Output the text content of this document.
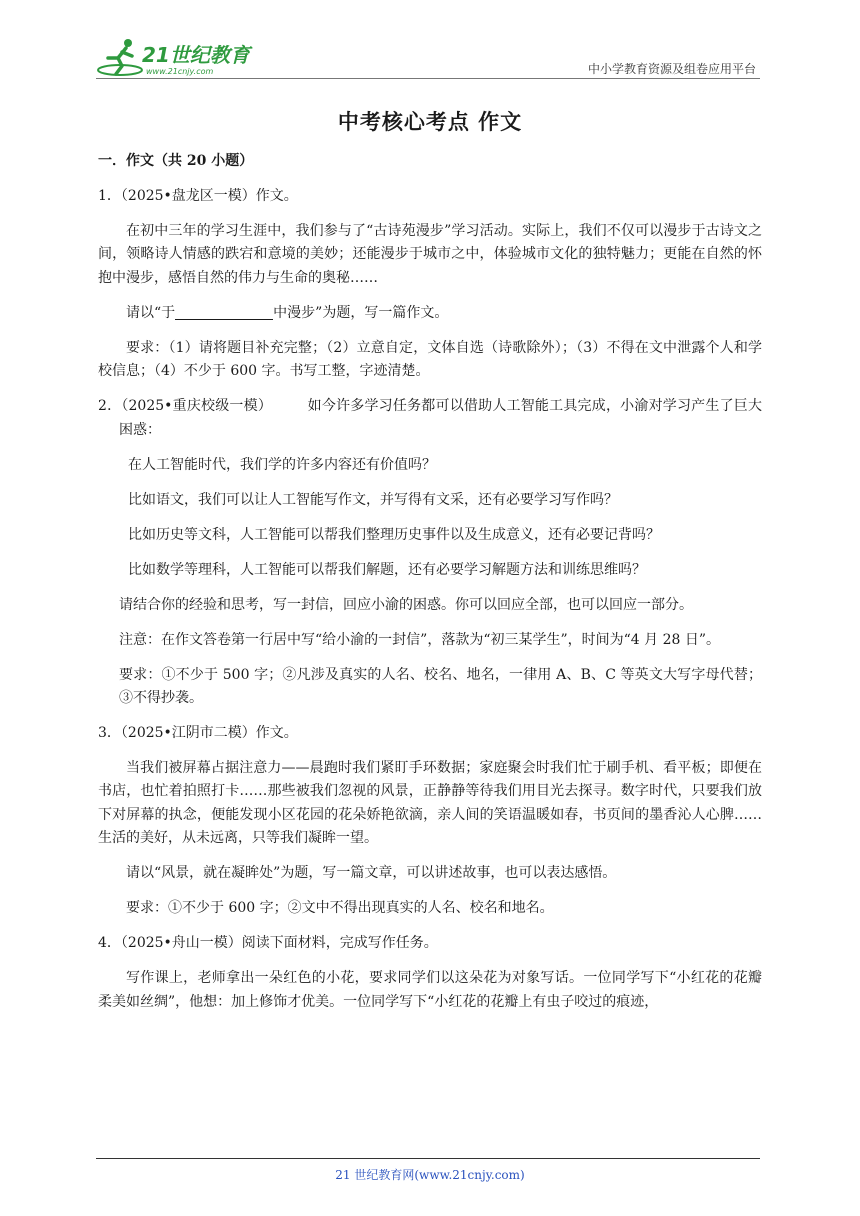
21世纪教育
www.21cnjy.com	中小学教育资源及组卷应用平台
中考核心考点 作文

一．作文（共 20 小题）

1．（2025•盘龙区一模）作文。

在初中三年的学习生涯中，我们参与了“古诗苑漫步”学习活动。实际上，我们不仅可以漫步于古诗文之间，领略诗人情感的跌宕和意境的美妙；还能漫步于城市之中，体验城市文化的独特魅力；更能在自然的怀抱中漫步，感悟自然的伟力与生命的奥秘……

请以“于	中漫步”为题，写一篇作文。

要求：（1）请将题目补充完整；（2）立意自定，文体自选（诗歌除外）；（3）不得在文中泄露个人和学校信息；（4）不少于 600 字。书写工整，字迹清楚。

2．（2025•重庆校级一模）　　　如今许多学习任务都可以借助人工智能工具完成，小渝对学习产生了巨大困惑：

在人工智能时代，我们学的许多内容还有价值吗？

比如语文，我们可以让人工智能写作文，并写得有文采，还有必要学习写作吗？

比如历史等文科，人工智能可以帮我们整理历史事件以及生成意义，还有必要记背吗？

比如数学等理科，人工智能可以帮我们解题，还有必要学习解题方法和训练思维吗？

请结合你的经验和思考，写一封信，回应小渝的困惑。你可以回应全部，也可以回应一部分。

注意：在作文答卷第一行居中写“给小渝的一封信”，落款为“初三某学生”，时间为“4 月 28 日”。

要求：①不少于 500 字；②凡涉及真实的人名、校名、地名，一律用 A、B、C 等英文大写字母代替；③不得抄袭。

3．（2025•江阴市二模）作文。

当我们被屏幕占据注意力——晨跑时我们紧盯手环数据；家庭聚会时我们忙于刷手机、看平板；即便在书店，也忙着拍照打卡……那些被我们忽视的风景，正静静等待我们用目光去探寻。数字时代，只要我们放下对屏幕的执念，便能发现小区花园的花朵娇艳欲滴，亲人间的笑语温暖如春，书页间的墨香沁人心脾……生活的美好，从未远离，只等我们凝眸一望。

请以“风景，就在凝眸处”为题，写一篇文章，可以讲述故事，也可以表达感悟。

要求：①不少于 600 字；②文中不得出现真实的人名、校名和地名。

4．（2025•舟山一模）阅读下面材料，完成写作任务。

写作课上，老师拿出一朵红色的小花，要求同学们以这朵花为对象写话。一位同学写下“小红花的花瓣柔美如丝绸”，他想：加上修饰才优美。一位同学写下“小红花的花瓣上有虫子咬过的痕迹，

21 世纪教育网(www.21cnjy.com)
